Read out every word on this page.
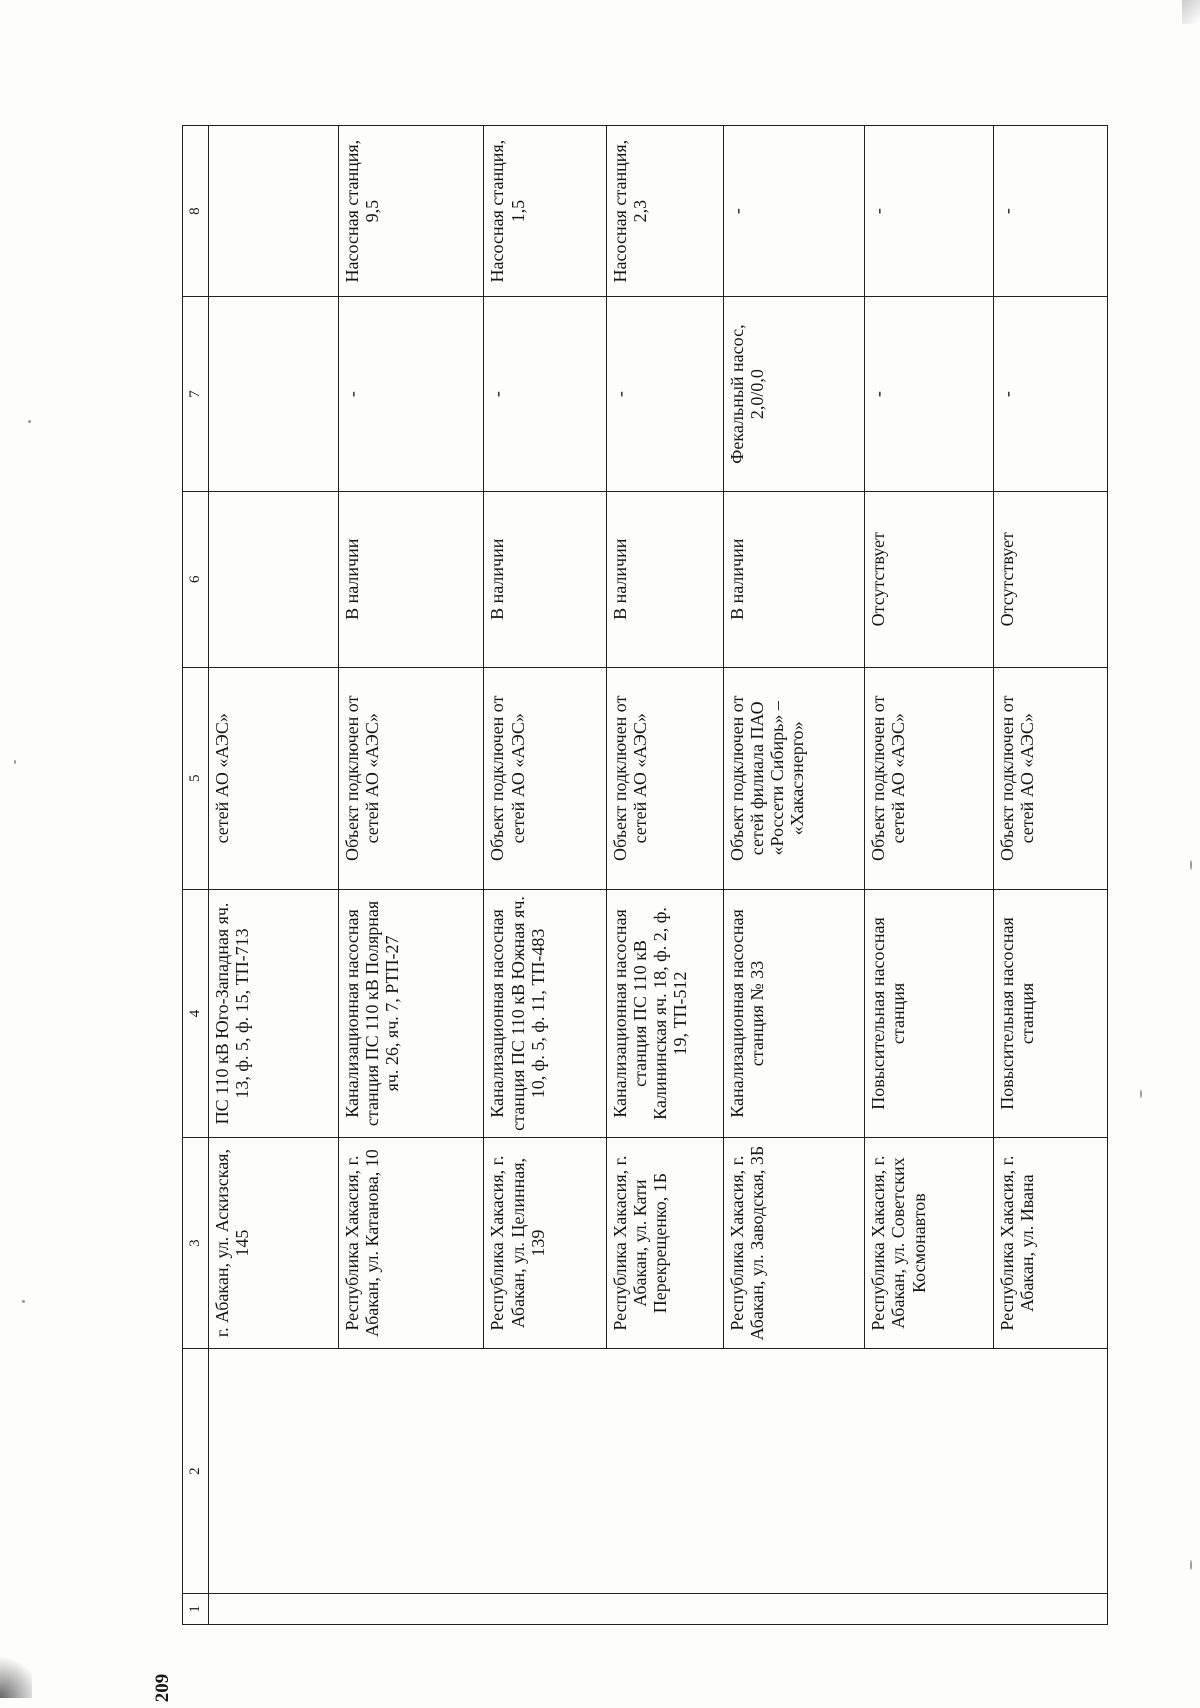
209
1	2	3	4	5	6	7	8
		г. Абакан, ул. Аскизская, 145	ПС 110 кВ Юго-Западная яч. 13, ф. 5, ф. 15, ТП-713	сетей АО «АЭС»			
		Республика Хакасия, г. Абакан, ул. Катанова, 10	Канализационная насосная станция ПС 110 кВ Полярная яч. 26, яч. 7, РТП-27	Объект подключен от сетей АО «АЭС»	В наличии	-	Насосная станция, 9,5
		Республика Хакасия, г. Абакан, ул. Целинная, 139	Канализационная насосная станция ПС 110 кВ Южная яч. 10, ф. 5, ф. 11, ТП-483	Объект подключен от сетей АО «АЭС»	В наличии	-	Насосная станция, 1,5
		Республика Хакасия, г. Абакан, ул. Кати Перекрещенко, 1Б	Канализационная насосная станция ПС 110 кВ Калининская яч. 18, ф. 2, ф. 19, ТП-512	Объект подключен от сетей АО «АЭС»	В наличии	-	Насосная станция, 2,3
		Республика Хакасия, г. Абакан, ул. Заводская, 3Б	Канализационная насосная станция № 33	Объект подключен от сетей филиала ПАО «Россети Сибирь» – «Хакасэнерго»	В наличии	Фекальный насос, 2,0/0,0	-
		Республика Хакасия, г. Абакан, ул. Советских Космонавтов	Повысительная насосная станция	Объект подключен от сетей АО «АЭС»	Отсутствует	-	-
		Республика Хакасия, г. Абакан, ул. Ивана	Повысительная насосная станция	Объект подключен от сетей АО «АЭС»	Отсутствует	-	-
